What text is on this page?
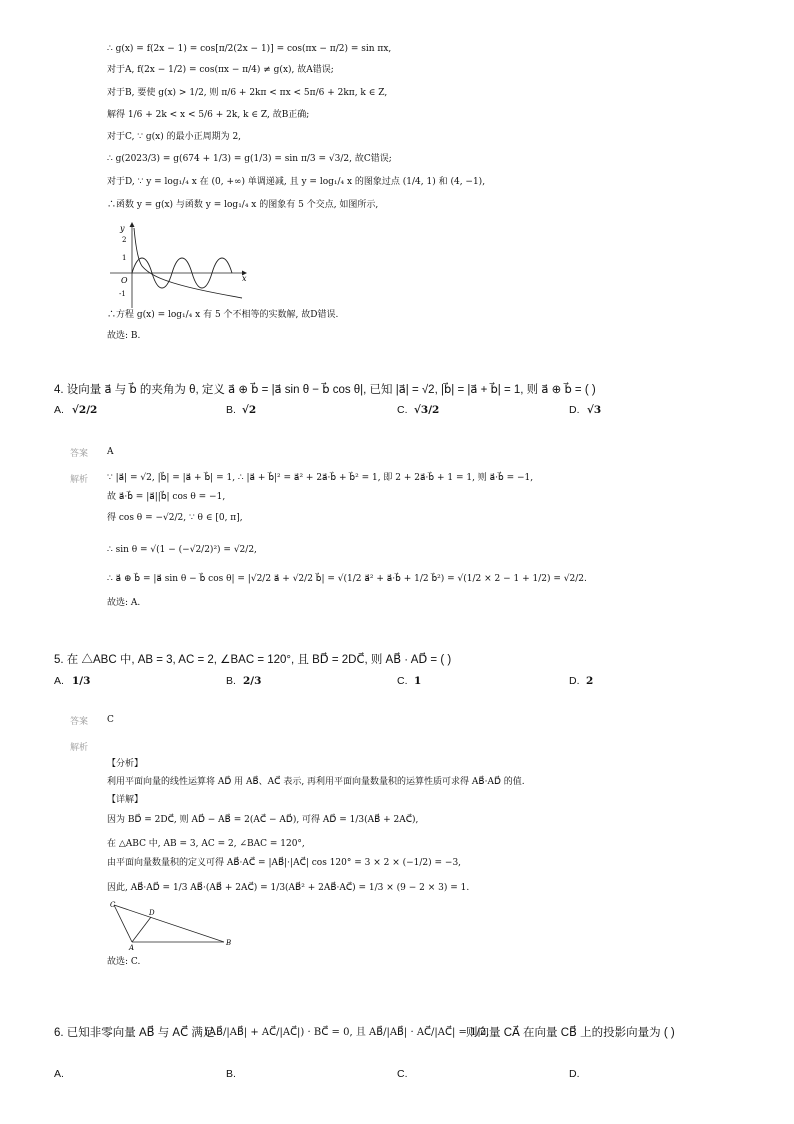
∴ g(x) = f(2x − 1) = cos[π/2(2x − 1)] = cos(πx − π/2) = sin πx,
对于A, f(2x − 1/2) = cos(πx − π/4) ≠ g(x), 故A错误;
对于B, 要使 g(x) > 1/2, 则 π/6 + 2kπ < πx < 5π/6 + 2kπ, k ∈ Z,
解得 1/6 + 2k < x < 5/6 + 2k, k ∈ Z, 故B正确;
对于C, ∵ g(x) 的最小正周期为 2,
∴ g(2023/3) = g(674 + 1/3) = g(1/3) = sin π/3 = √3/2, 故C错误;
对于D, ∵ y = log₁/₄ x 在 (0, +∞) 单调递减, 且 y = log₁/₄ x 的图象过点 (1/4, 1) 和 (4, −1),
∴函数 y = g(x) 与函数 y = log₁/₄ x 的图象有 5 个交点, 如图所示,
y
x
2
1
O
-1
∴方程 g(x) = log₁/₄ x 有 5 个不相等的实数解, 故D错误.
故选: B.
4. 设向量 a⃗ 与 b⃗ 的夹角为 θ, 定义 a⃗ ⊕ b⃗ = |a⃗ sin θ − b⃗ cos θ|, 已知 |a⃗| = √2, |b⃗| = |a⃗ + b⃗| = 1, 则 a⃗ ⊕ b⃗ = ( )
A. √2/2	B. √2	C. √3/2	D. √3
答案 A
解析 ∵ |a⃗| = √2, |b⃗| = |a⃗ + b⃗| = 1, ∴ |a⃗ + b⃗|² = a⃗² + 2a⃗·b⃗ + b⃗² = 1, 即 2 + 2a⃗·b⃗ + 1 = 1, 则 a⃗·b⃗ = −1,
故 a⃗·b⃗ = |a⃗||b⃗| cos θ = −1,
得 cos θ = −√2/2, ∵ θ ∈ [0, π],
∴ sin θ = √(1 − (−√2/2)²) = √2/2,
∴ a⃗ ⊕ b⃗ = |a⃗ sin θ − b⃗ cos θ| = |√2/2 a⃗ + √2/2 b⃗| = √(1/2 a⃗² + a⃗·b⃗ + 1/2 b⃗²) = √(1/2 × 2 − 1 + 1/2) = √2/2.
故选: A.
5. 在 △ABC 中, AB = 3, AC = 2, ∠BAC = 120°, 且 BD⃗ = 2DC⃗, 则 AB⃗ · AD⃗ = ( )
A. 1/3	B. 2/3	C. 1	D. 2
答案 C
解析
【分析】
利用平面向量的线性运算将 AD⃗ 用 AB⃗、AC⃗ 表示, 再利用平面向量数量积的运算性质可求得 AB⃗·AD⃗ 的值.
【详解】
因为 BD⃗ = 2DC⃗, 则 AD⃗ − AB⃗ = 2(AC⃗ − AD⃗), 可得 AD⃗ = 1/3(AB⃗ + 2AC⃗),
在 △ABC 中, AB = 3, AC = 2, ∠BAC = 120°,
由平面向量数量积的定义可得 AB⃗·AC⃗ = |AB⃗|·|AC⃗| cos 120° = 3 × 2 × (−1/2) = −3,
因此, AB⃗·AD⃗ = 1/3 AB⃗·(AB⃗ + 2AC⃗) = 1/3(AB⃗² + 2AB⃗·AC⃗) = 1/3 × (9 − 2 × 3) = 1.
C
D
A
B
故选: C.
6. 已知非零向量 AB⃗ 与 AC⃗ 满足
(AB⃗/|AB⃗| + AC⃗/|AC⃗|) · BC⃗ = 0, 且 AB⃗/|AB⃗| · AC⃗/|AC⃗| = 1/2,
则向量 CA⃗ 在向量 CB⃗ 上的投影向量为 ( )
A.	B.	C.	D.
